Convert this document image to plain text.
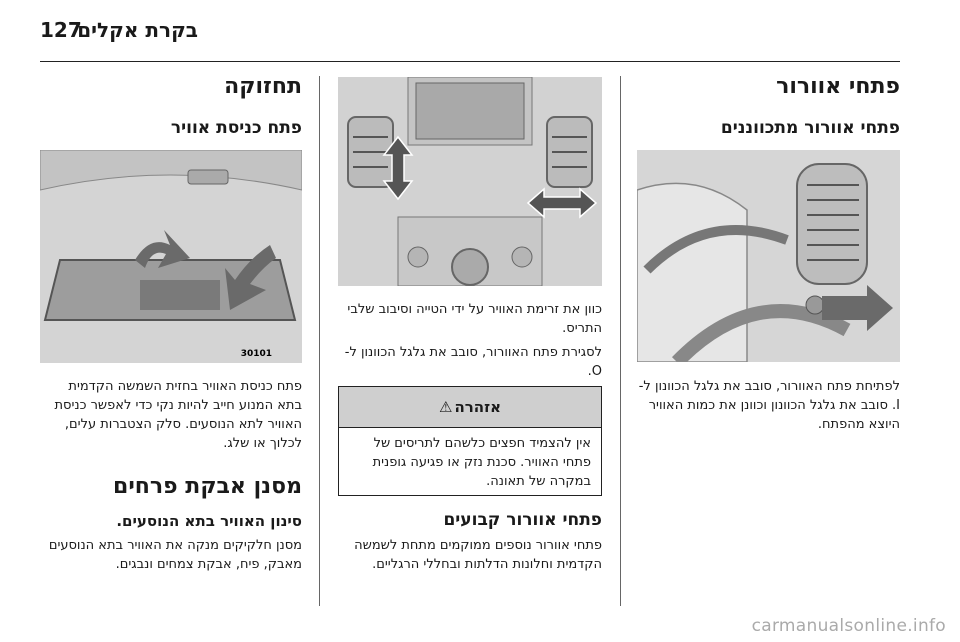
127
בקרת אקלים
פתחי אוורור
פתחי אוורור מתכווננים
לפתיחת פתח האוורור, סובב את גלגל הכוונון ל- I. סובב את גלגל הכוונון וכוונן את כמות האוויר היוצא מהפתח.
כוון את זרימת האוויר על ידי הטייה וסיבוב שלבי התריס.
לסגירת פתח האוורור, סובב את גלגל הכוונון ל- O.
אזהרה
⚠
אין להצמיד חפצים כלשהם לתריסים של פתחי האוויר. סכנת נזק או פגיעה גופנית במקרה של תאונה.
פתחי אוורור קבועים
פתחי אוורור נוספים ממוקמים מתחת לשמשה הקדמית וחלונות הדלתות ובחללי הרגליים.
תחזוקה
פתח כניסת אוויר
30101
פתח כניסת האוויר בחזית השמשה הקדמית בתא המנוע חייב להיות נקי כדי לאפשר כניסת האוויר לתא הנוסעים. סלק הצטברות עלים, לכלוך או שלג.
מסנן אבקת פרחים
סינון האוויר בתא הנוסעים.
מסנן חלקיקים מנקה את האוויר בתא הנוסעים מאבק, פיח, אבקת צמחים ונבגים.
carmanualsonline.info
